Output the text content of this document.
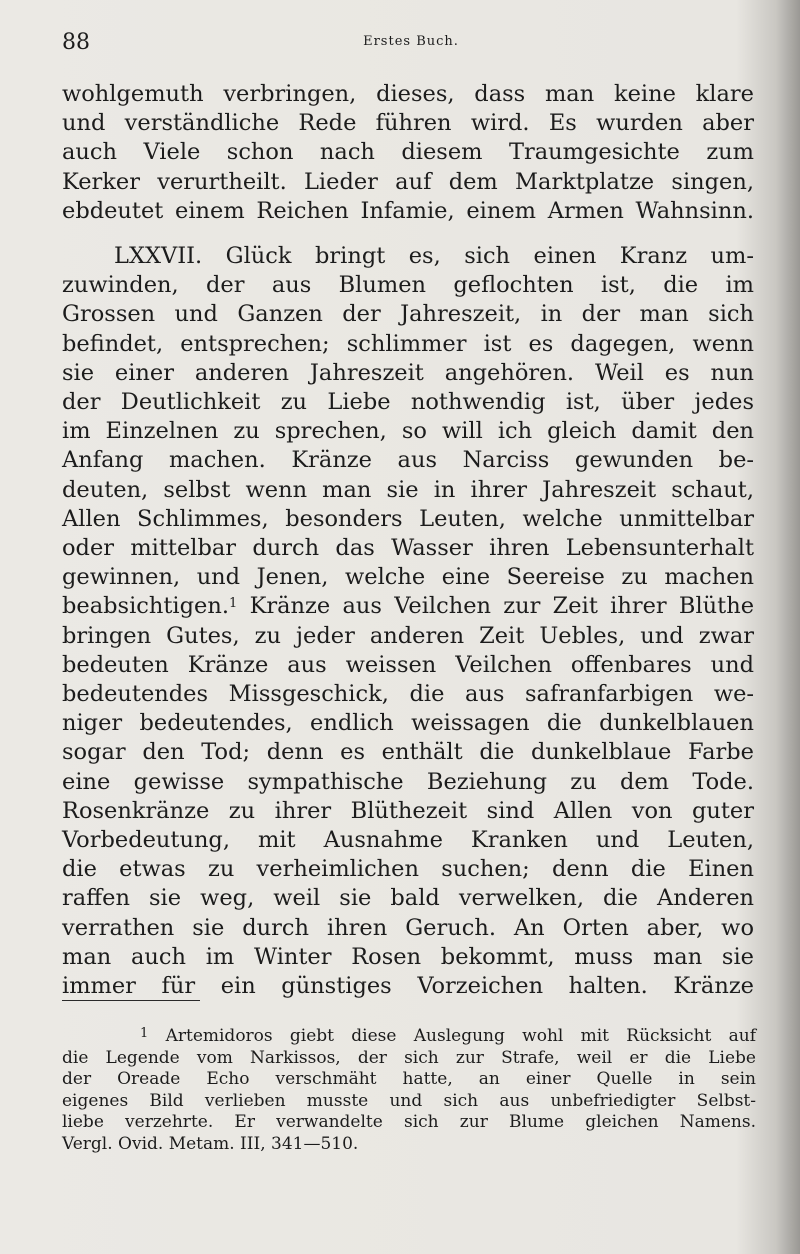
88	Erstes Buch.
wohlgemuth verbringen, dieses, dass man keine klare
und verständliche Rede führen wird. Es wurden aber
auch Viele schon nach diesem Traumgesichte zum
Kerker verurtheilt. Lieder auf dem Marktplatze singen,
ebdeutet einem Reichen Infamie, einem Armen Wahnsinn.
LXXVII. Glück bringt es, sich einen Kranz um-
zuwinden, der aus Blumen geflochten ist, die im
Grossen und Ganzen der Jahreszeit, in der man sich
befindet, entsprechen; schlimmer ist es dagegen, wenn
sie einer anderen Jahreszeit angehören. Weil es nun
der Deutlichkeit zu Liebe nothwendig ist, über jedes
im Einzelnen zu sprechen, so will ich gleich damit den
Anfang machen. Kränze aus Narciss gewunden be-
deuten, selbst wenn man sie in ihrer Jahreszeit schaut,
Allen Schlimmes, besonders Leuten, welche unmittelbar
oder mittelbar durch das Wasser ihren Lebensunterhalt
gewinnen, und Jenen, welche eine Seereise zu machen
beabsichtigen.$^1$ Kränze aus Veilchen zur Zeit ihrer Blüthe
bringen Gutes, zu jeder anderen Zeit Uebles, und zwar
bedeuten Kränze aus weissen Veilchen offenbares und
bedeutendes Missgeschick, die aus safranfarbigen we-
niger bedeutendes, endlich weissagen die dunkelblauen
sogar den Tod; denn es enthält die dunkelblaue Farbe
eine gewisse sympathische Beziehung zu dem Tode.
Rosenkränze zu ihrer Blüthezeit sind Allen von guter
Vorbedeutung, mit Ausnahme Kranken und Leuten,
die etwas zu verheimlichen suchen; denn die Einen
raffen sie weg, weil sie bald verwelken, die Anderen
verrathen sie durch ihren Geruch. An Orten aber, wo
man auch im Winter Rosen bekommt, muss man sie
immer für ein günstiges Vorzeichen halten. Kränze
$^1$ Artemidoros giebt diese Auslegung wohl mit Rücksicht auf
die Legende vom Narkissos, der sich zur Strafe, weil er die Liebe
der Oreade Echo verschmäht hatte, an einer Quelle in sein
eigenes Bild verlieben musste und sich aus unbefriedigter Selbst-
liebe verzehrte. Er verwandelte sich zur Blume gleichen Namens.
Vergl. Ovid. Metam. III, 341—510.
